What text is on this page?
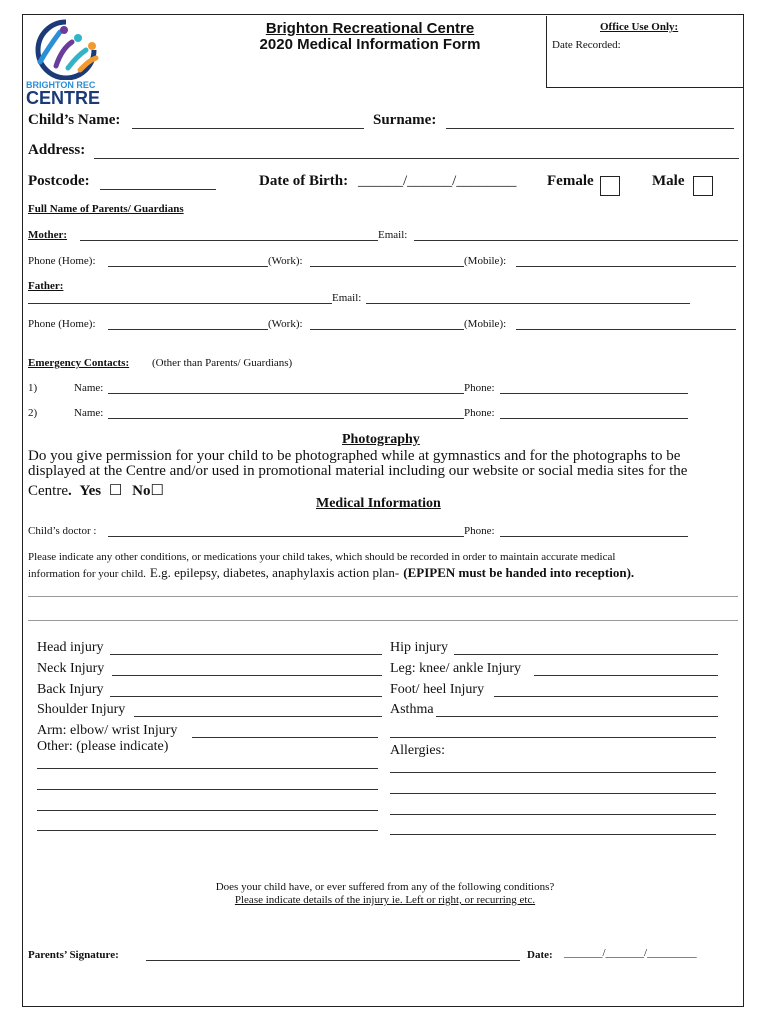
BRIGHTON REC
CENTRE
Brighton Recreational Centre
2020 Medical Information Form
Office Use Only:
Date Recorded:
Child’s Name:	Surname:
Address:
Postcode:	Date of Birth: ______/______/________ Female	Male
Full Name of Parents/ Guardians
Mother:	Email:
Phone (Home):	(Work):	(Mobile):
Father:
Email:
Phone (Home):	(Work):	(Mobile):
Emergency Contacts: (Other than Parents/ Guardians)
1)	Name:	Phone:
2)	Name:	Phone:
Photography
Do you give permission for your child to be photographed while at gymnastics and for the photographs to be
displayed at the Centre and/or used in promotional material including our website or social media sites for the
Centre. Yes ☐ No☐
Medical Information
Child’s doctor :	Phone:
Please indicate any other conditions, or medications your child takes, which should be recorded in order to maintain accurate medical
information for your child. E.g. epilepsy, diabetes, anaphylaxis action plan- (EPIPEN must be handed into reception).
Head injury
Neck Injury
Back Injury
Shoulder Injury
Arm: elbow/ wrist Injury
Other: (please indicate)
Hip injury
Leg: knee/ ankle Injury
Foot/ heel Injury
Asthma
Allergies:
Does your child have, or ever suffered from any of the following conditions?
Please indicate details of the injury ie. Left or right, or recurring etc.
Parents’ Signature:	Date: _______/_______/_________
